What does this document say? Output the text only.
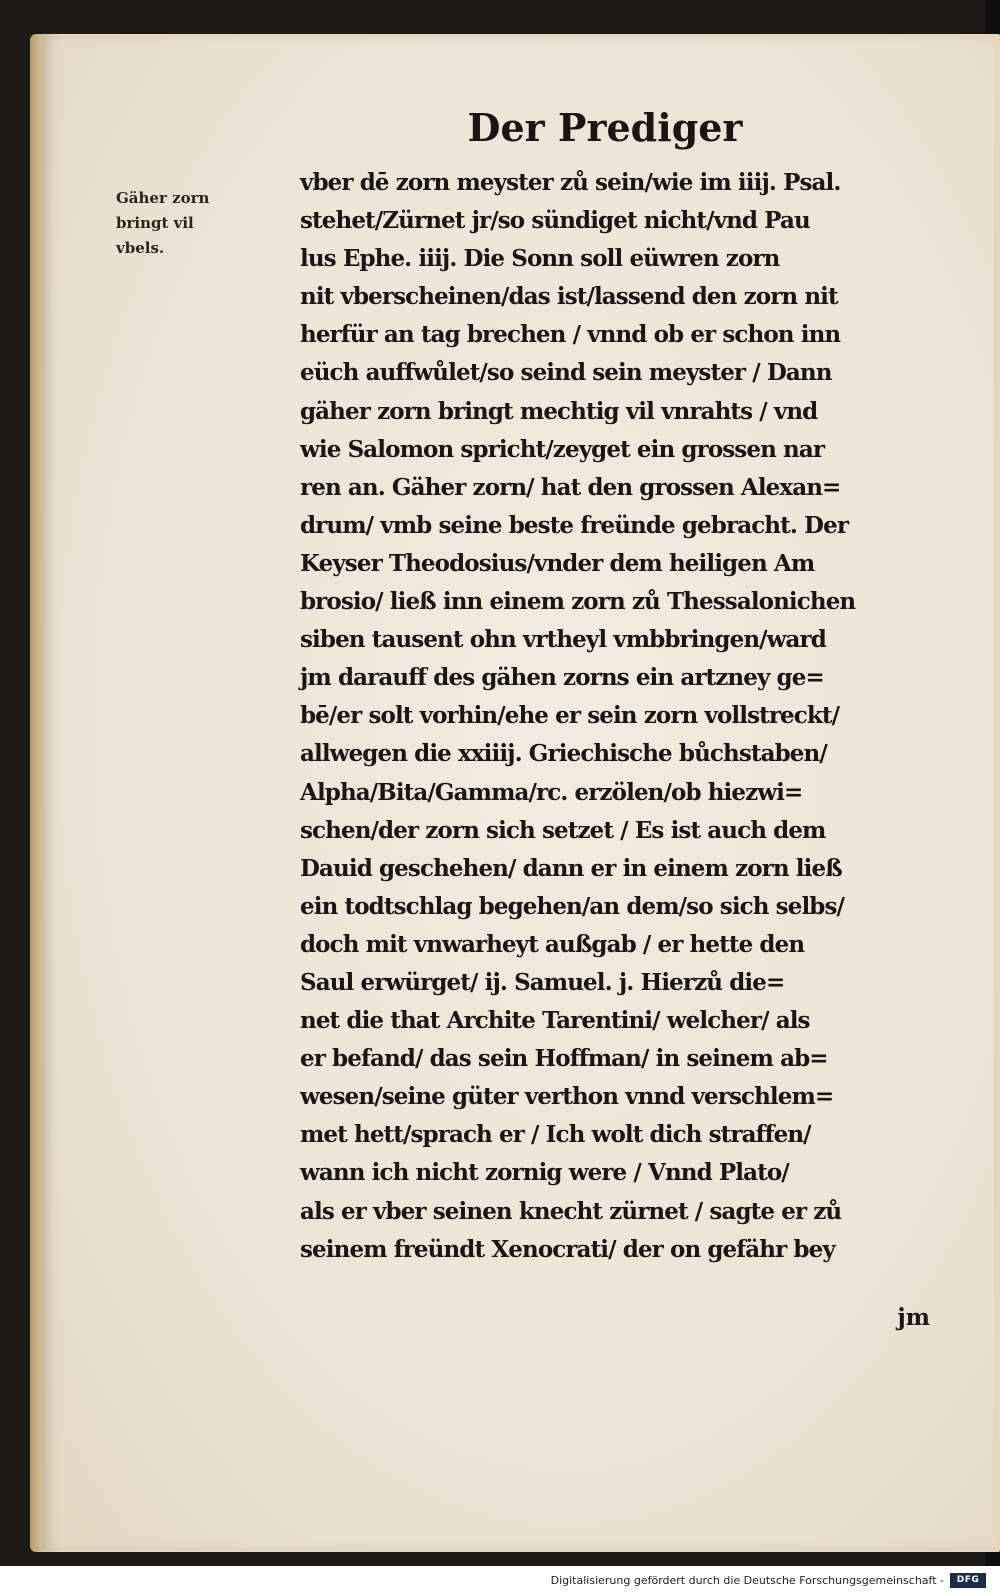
Der Prediger
Gäher zorn
bringt vil
vbels.
vber dē zorn meyster zů sein/wie im iiij. Psal.
stehet/Zürnet jr/so sündiget nicht/vnd Pau
lus Ephe. iiij. Die Sonn soll eüwren zorn
nit vberscheinen/das ist/lassend den zorn nit
herfür an tag brechen / vnnd ob er schon inn
eüch auffwůlet/so seind sein meyster / Dann
gäher zorn bringt mechtig vil vnrahts / vnd
wie Salomon spricht/zeyget ein grossen nar
ren an. Gäher zorn/ hat den grossen Alexan=
drum/ vmb seine beste freünde gebracht. Der
Keyser Theodosius/vnder dem heiligen Am
brosio/ ließ inn einem zorn zů Thessalonichen
siben tausent ohn vrtheyl vmbbringen/ward
jm darauff des gähen zorns ein artzney ge=
bē/er solt vorhin/ehe er sein zorn vollstreckt/
allwegen die xxiiij. Griechische bůchstaben/
Alpha/Bita/Gamma/rc. erzölen/ob hiezwi=
schen/der zorn sich setzet / Es ist auch dem
Dauid geschehen/ dann er in einem zorn ließ
ein todtschlag begehen/an dem/so sich selbs/
doch mit vnwarheyt außgab / er hette den
Saul erwürget/ ij. Samuel. j. Hierzů die=
net die that Archite Tarentini/ welcher/ als
er befand/ das sein Hoffman/ in seinem ab=
wesen/seine güter verthon vnnd verschlem=
met hett/sprach er / Ich wolt dich straffen/
wann ich nicht zornig were / Vnnd Plato/
als er vber seinen knecht zürnet / sagte er zů
seinem freündt Xenocrati/ der on gefähr bey
jm
Digitalisierung gefördert durch die Deutsche Forschungsgemeinschaft -	DFG
